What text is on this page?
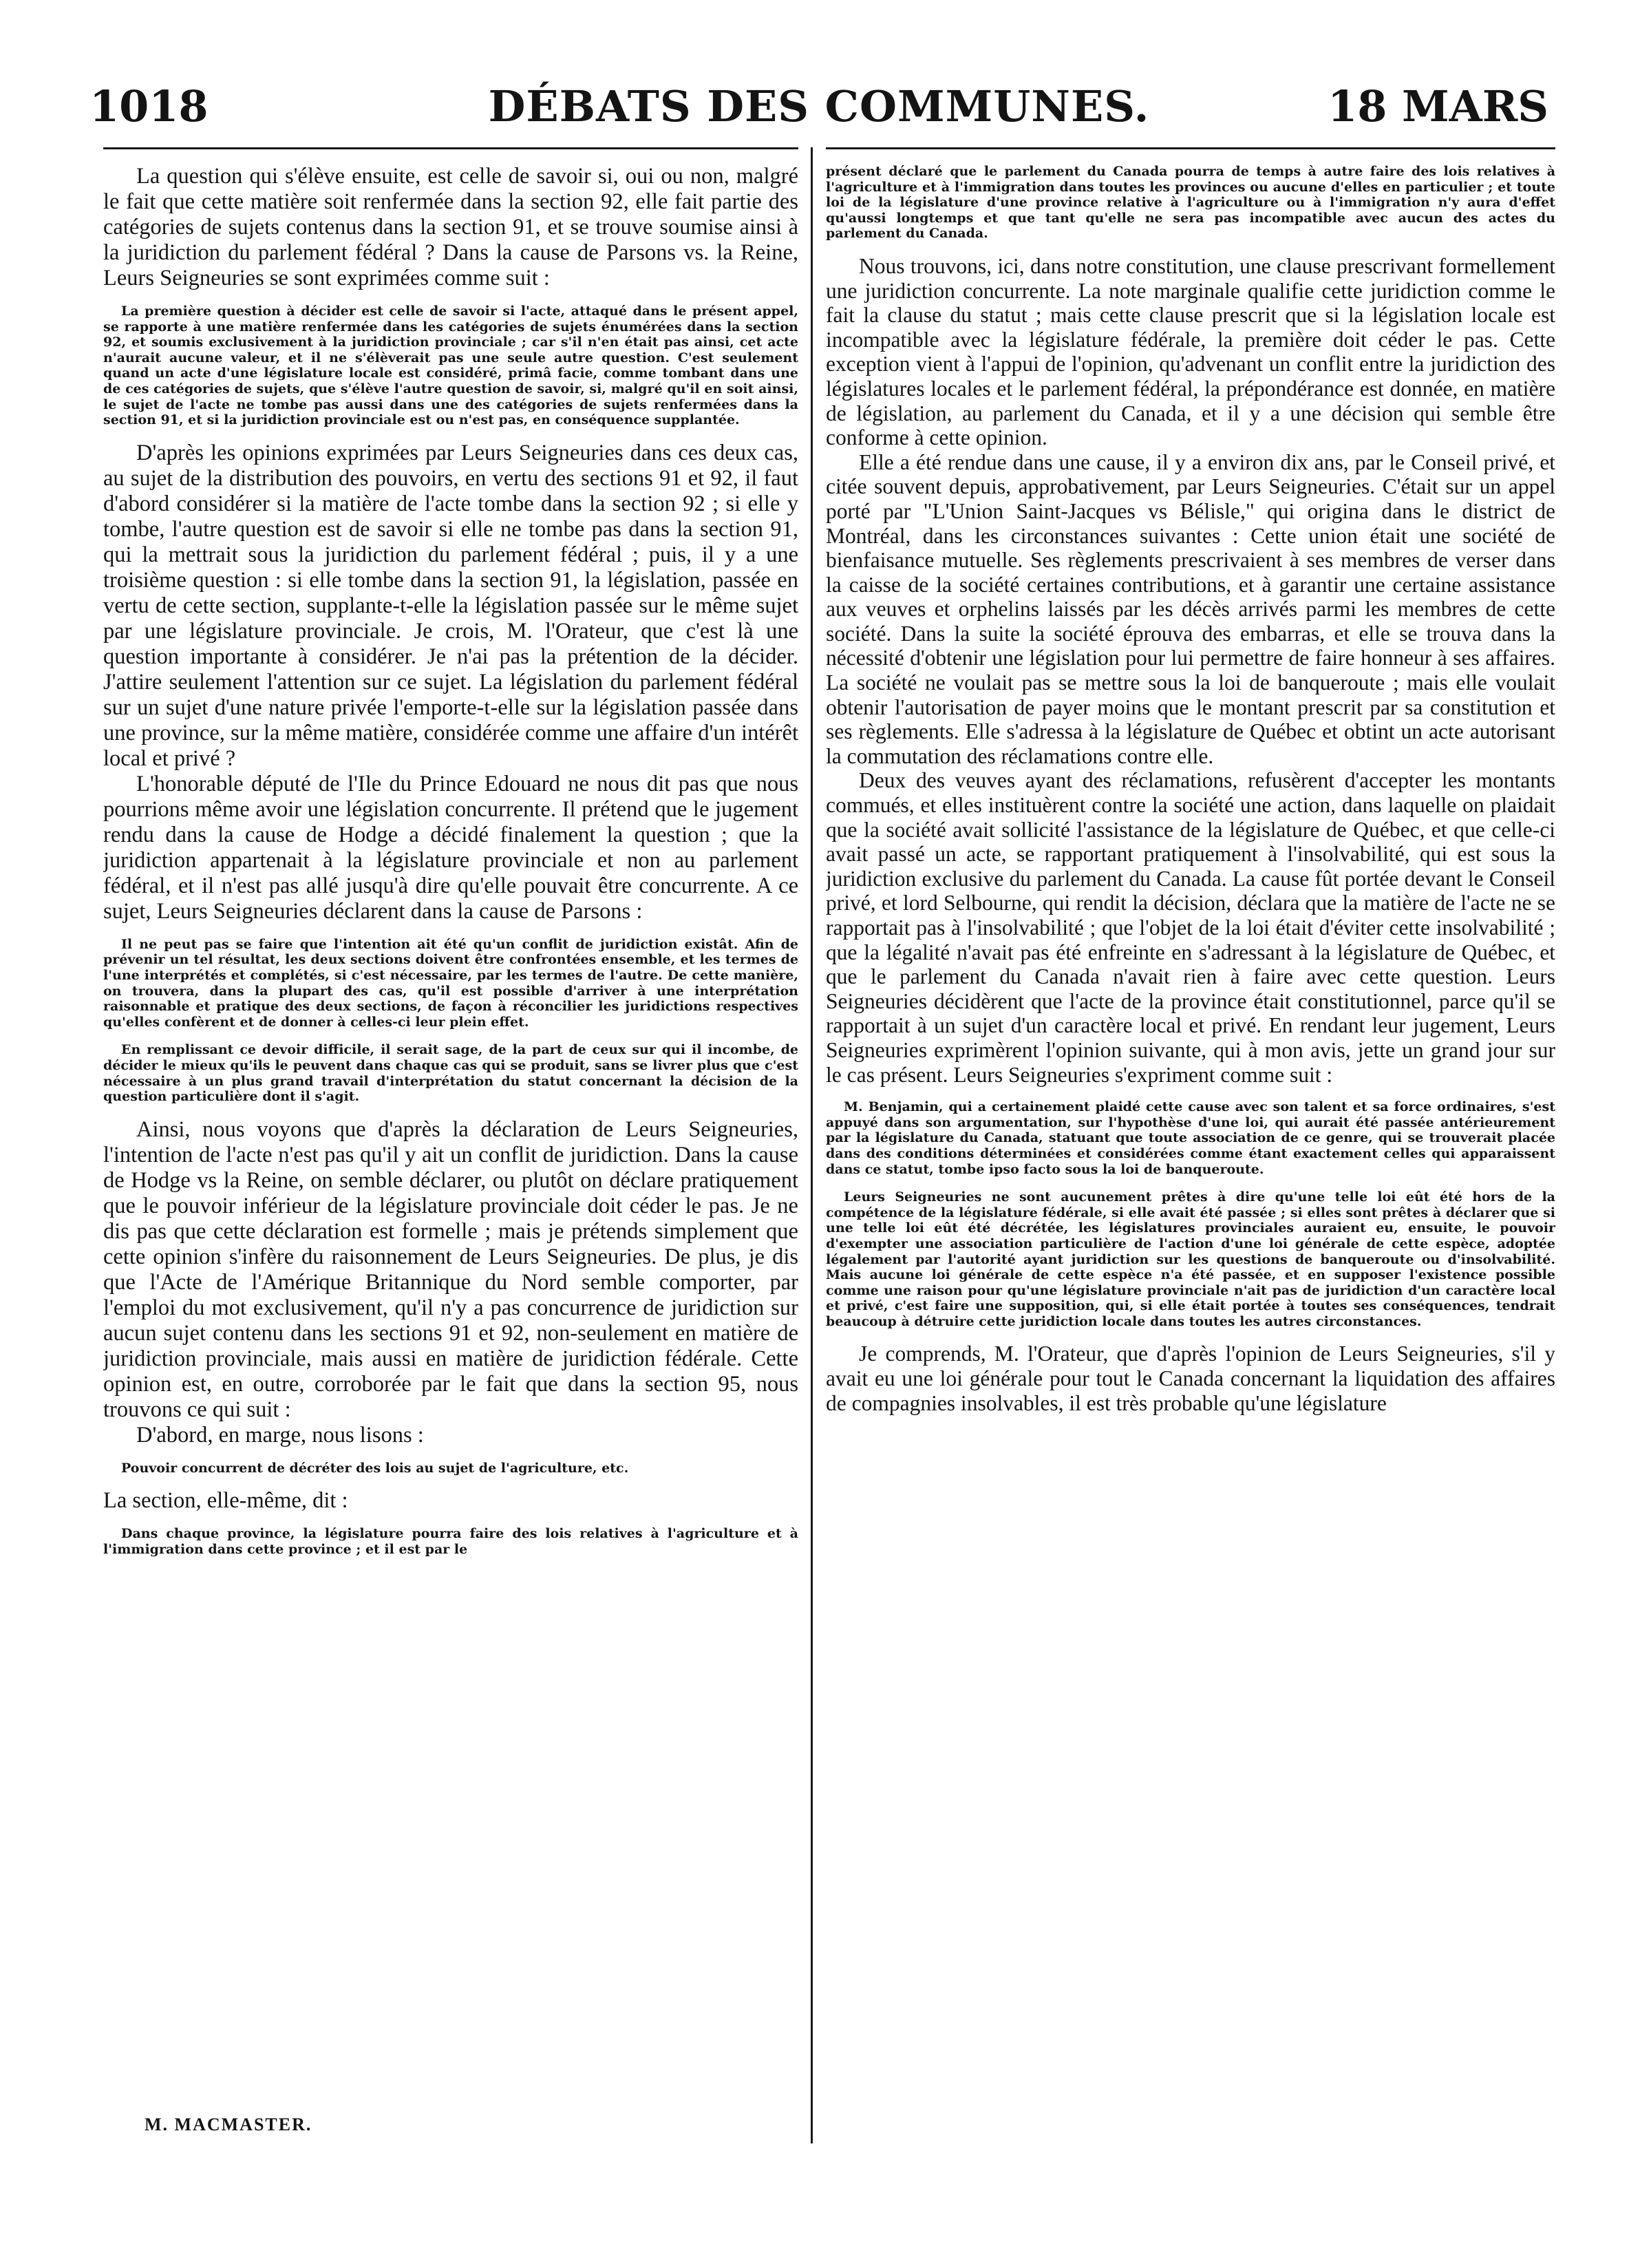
1018	DÉBATS DES COMMUNES.	18 MARS

La question qui s'élève ensuite, est celle de savoir si, oui ou non, malgré le fait que cette matière soit renfermée dans la section 92, elle fait partie des catégories de sujets contenus dans la section 91, et se trouve soumise ainsi à la juridiction du parlement fédéral ? Dans la cause de Parsons vs. la Reine, Leurs Seigneuries se sont exprimées comme suit :

La première question à décider est celle de savoir si l'acte, attaqué dans le présent appel, se rapporte à une matière renfermée dans les catégories de sujets énumérées dans la section 92, et soumis exclusivement à la juridiction provinciale ; car s'il n'en était pas ainsi, cet acte n'aurait aucune valeur, et il ne s'élèverait pas une seule autre question. C'est seulement quand un acte d'une législature locale est considéré, primâ facie, comme tombant dans une de ces catégories de sujets, que s'élève l'autre question de savoir, si, malgré qu'il en soit ainsi, le sujet de l'acte ne tombe pas aussi dans une des catégories de sujets renfermées dans la section 91, et si la juridiction provinciale est ou n'est pas, en conséquence supplantée.

D'après les opinions exprimées par Leurs Seigneuries dans ces deux cas, au sujet de la distribution des pouvoirs, en vertu des sections 91 et 92, il faut d'abord considérer si la matière de l'acte tombe dans la section 92 ; si elle y tombe, l'autre question est de savoir si elle ne tombe pas dans la section 91, qui la mettrait sous la juridiction du parlement fédéral ; puis, il y a une troisième question : si elle tombe dans la section 91, la législation, passée en vertu de cette section, supplante-t-elle la législation passée sur le même sujet par une législature provinciale. Je crois, M. l'Orateur, que c'est là une question importante à considérer. Je n'ai pas la prétention de la décider. J'attire seulement l'attention sur ce sujet. La législation du parlement fédéral sur un sujet d'une nature privée l'emporte-t-elle sur la législation passée dans une province, sur la même matière, considérée comme une affaire d'un intérêt local et privé ?

L'honorable député de l'Ile du Prince Edouard ne nous dit pas que nous pourrions même avoir une législation concurrente. Il prétend que le jugement rendu dans la cause de Hodge a décidé finalement la question ; que la juridiction appartenait à la législature provinciale et non au parlement fédéral, et il n'est pas allé jusqu'à dire qu'elle pouvait être concurrente. A ce sujet, Leurs Seigneuries déclarent dans la cause de Parsons :

Il ne peut pas se faire que l'intention ait été qu'un conflit de juridiction existât. Afin de prévenir un tel résultat, les deux sections doivent être confrontées ensemble, et les termes de l'une interprétés et complétés, si c'est nécessaire, par les termes de l'autre. De cette manière, on trouvera, dans la plupart des cas, qu'il est possible d'arriver à une interprétation raisonnable et pratique des deux sections, de façon à réconcilier les juridictions respectives qu'elles confèrent et de donner à celles-ci leur plein effet.

En remplissant ce devoir difficile, il serait sage, de la part de ceux sur qui il incombe, de décider le mieux qu'ils le peuvent dans chaque cas qui se produit, sans se livrer plus que c'est nécessaire à un plus grand travail d'interprétation du statut concernant la décision de la question particulière dont il s'agit.

Ainsi, nous voyons que d'après la déclaration de Leurs Seigneuries, l'intention de l'acte n'est pas qu'il y ait un conflit de juridiction. Dans la cause de Hodge vs la Reine, on semble déclarer, ou plutôt on déclare pratiquement que le pouvoir inférieur de la législature provinciale doit céder le pas. Je ne dis pas que cette déclaration est formelle ; mais je prétends simplement que cette opinion s'infère du raisonnement de Leurs Seigneuries. De plus, je dis que l'Acte de l'Amérique Britannique du Nord semble comporter, par l'emploi du mot exclusivement, qu'il n'y a pas concurrence de juridiction sur aucun sujet contenu dans les sections 91 et 92, non-seulement en matière de juridiction provinciale, mais aussi en matière de juridiction fédérale. Cette opinion est, en outre, corroborée par le fait que dans la section 95, nous trouvons ce qui suit :

D'abord, en marge, nous lisons :

Pouvoir concurrent de décréter des lois au sujet de l'agriculture, etc.

La section, elle-même, dit :

Dans chaque province, la législature pourra faire des lois relatives à l'agriculture et à l'immigration dans cette province ; et il est par le

présent déclaré que le parlement du Canada pourra de temps à autre faire des lois relatives à l'agriculture et à l'immigration dans toutes les provinces ou aucune d'elles en particulier ; et toute loi de la législature d'une province relative à l'agriculture ou à l'immigration n'y aura d'effet qu'aussi longtemps et que tant qu'elle ne sera pas incompatible avec aucun des actes du parlement du Canada.

Nous trouvons, ici, dans notre constitution, une clause prescrivant formellement une juridiction concurrente. La note marginale qualifie cette juridiction comme le fait la clause du statut ; mais cette clause prescrit que si la législation locale est incompatible avec la législature fédérale, la première doit céder le pas. Cette exception vient à l'appui de l'opinion, qu'advenant un conflit entre la juridiction des législatures locales et le parlement fédéral, la prépondérance est donnée, en matière de législation, au parlement du Canada, et il y a une décision qui semble être conforme à cette opinion.

Elle a été rendue dans une cause, il y a environ dix ans, par le Conseil privé, et citée souvent depuis, approbativement, par Leurs Seigneuries. C'était sur un appel porté par "L'Union Saint-Jacques vs Bélisle," qui origina dans le district de Montréal, dans les circonstances suivantes : Cette union était une société de bienfaisance mutuelle. Ses règlements prescrivaient à ses membres de verser dans la caisse de la société certaines contributions, et à garantir une certaine assistance aux veuves et orphelins laissés par les décès arrivés parmi les membres de cette société. Dans la suite la société éprouva des embarras, et elle se trouva dans la nécessité d'obtenir une législation pour lui permettre de faire honneur à ses affaires. La société ne voulait pas se mettre sous la loi de banqueroute ; mais elle voulait obtenir l'autorisation de payer moins que le montant prescrit par sa constitution et ses règlements. Elle s'adressa à la législature de Québec et obtint un acte autorisant la commutation des réclamations contre elle.

Deux des veuves ayant des réclamations, refusèrent d'accepter les montants commués, et elles instituèrent contre la société une action, dans laquelle on plaidait que la société avait sollicité l'assistance de la législature de Québec, et que celle-ci avait passé un acte, se rapportant pratiquement à l'insolvabilité, qui est sous la juridiction exclusive du parlement du Canada. La cause fût portée devant le Conseil privé, et lord Selbourne, qui rendit la décision, déclara que la matière de l'acte ne se rapportait pas à l'insolvabilité ; que l'objet de la loi était d'éviter cette insolvabilité ; que la légalité n'avait pas été enfreinte en s'adressant à la législature de Québec, et que le parlement du Canada n'avait rien à faire avec cette question. Leurs Seigneuries décidèrent que l'acte de la province était constitutionnel, parce qu'il se rapportait à un sujet d'un caractère local et privé. En rendant leur jugement, Leurs Seigneuries exprimèrent l'opinion suivante, qui à mon avis, jette un grand jour sur le cas présent. Leurs Seigneuries s'expriment comme suit :

M. Benjamin, qui a certainement plaidé cette cause avec son talent et sa force ordinaires, s'est appuyé dans son argumentation, sur l'hypothèse d'une loi, qui aurait été passée antérieurement par la législature du Canada, statuant que toute association de ce genre, qui se trouverait placée dans des conditions déterminées et considérées comme étant exactement celles qui apparaissent dans ce statut, tombe ipso facto sous la loi de banqueroute.

Leurs Seigneuries ne sont aucunement prêtes à dire qu'une telle loi eût été hors de la compétence de la législature fédérale, si elle avait été passée ; si elles sont prêtes à déclarer que si une telle loi eût été décrétée, les législatures provinciales auraient eu, ensuite, le pouvoir d'exempter une association particulière de l'action d'une loi générale de cette espèce, adoptée légalement par l'autorité ayant juridiction sur les questions de banqueroute ou d'insolvabilité. Mais aucune loi générale de cette espèce n'a été passée, et en supposer l'existence possible comme une raison pour qu'une législature provinciale n'ait pas de juridiction d'un caractère local et privé, c'est faire une supposition, qui, si elle était portée à toutes ses conséquences, tendrait beaucoup à détruire cette juridiction locale dans toutes les autres circonstances.

Je comprends, M. l'Orateur, que d'après l'opinion de Leurs Seigneuries, s'il y avait eu une loi générale pour tout le Canada concernant la liquidation des affaires de compagnies insolvables, il est très probable qu'une législature

M. MACMASTER.
